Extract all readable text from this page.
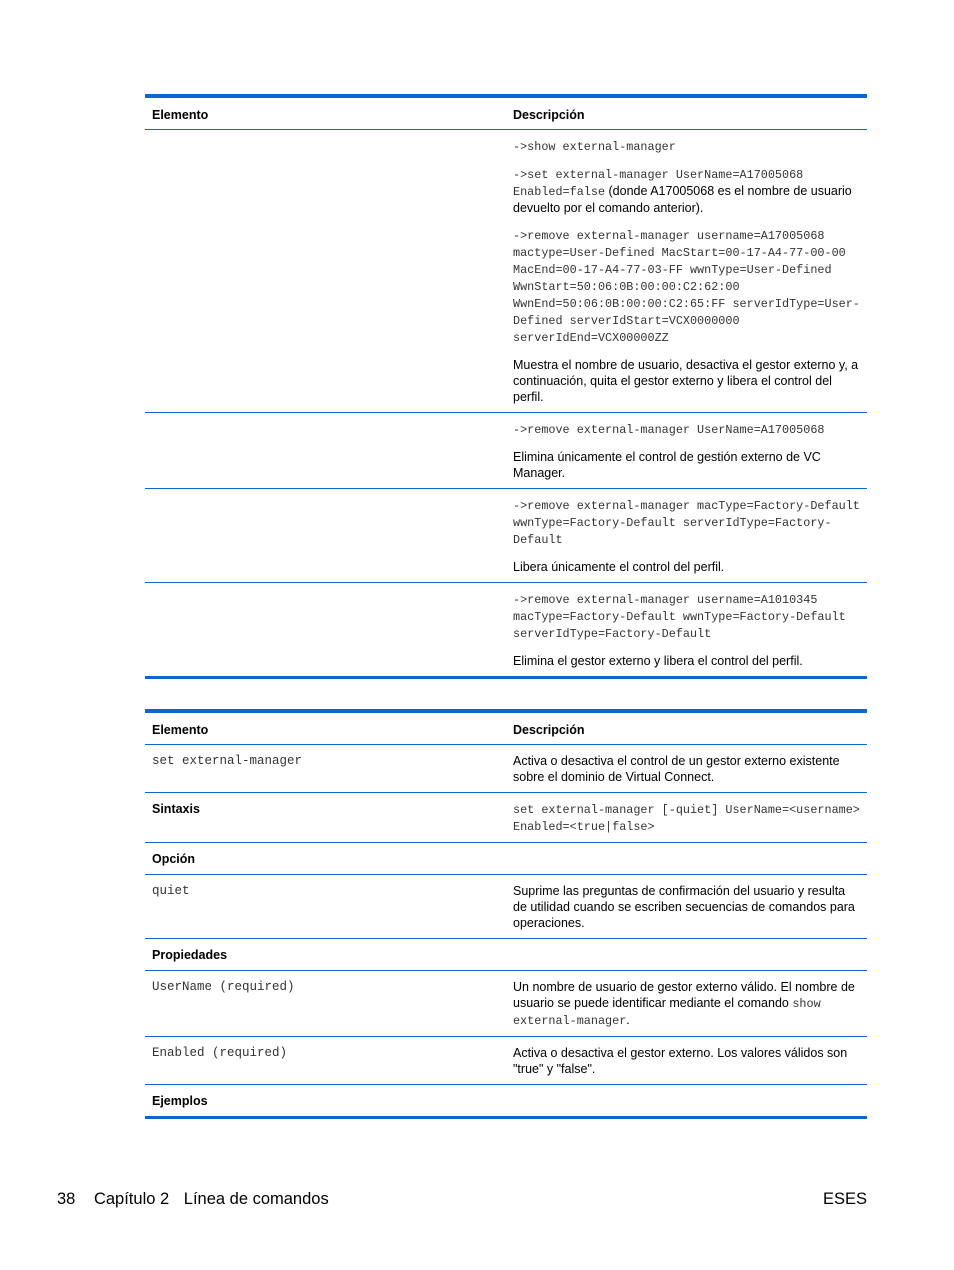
Elemento	Descripción

	->show external-manager
->set external-manager UserName=A17005068 Enabled=false (donde A17005068 es el nombre de usuario devuelto por el comando anterior).
->remove external-manager username=A17005068 mactype=User-Defined MacStart=00-17-A4-77-00-00 MacEnd=00-17-A4-77-03-FF wwnType=User-Defined WwnStart=50:06:0B:00:00:C2:62:00 WwnEnd=50:06:0B:00:00:C2:65:FF serverIdType=User-Defined serverIdStart=VCX0000000 serverIdEnd=VCX00000ZZ
Muestra el nombre de usuario, desactiva el gestor externo y, a continuación, quita el gestor externo y libera el control del perfil.

	->remove external-manager UserName=A17005068
Elimina únicamente el control de gestión externo de VC Manager.

	->remove external-manager macType=Factory-Default wwnType=Factory-Default serverIdType=Factory-Default
Libera únicamente el control del perfil.

	->remove external-manager username=A1010345 macType=Factory-Default wwnType=Factory-Default serverIdType=Factory-Default
Elimina el gestor externo y libera el control del perfil.
Elemento	Descripción
set external-manager	Activa o desactiva el control de un gestor externo existente sobre el dominio de Virtual Connect.

Sintaxis	set external-manager [-quiet] UserName=<username> Enabled=<true|false>

Opción	
quiet	Suprime las preguntas de confirmación del usuario y resulta de utilidad cuando se escriben secuencias de comandos para operaciones.

Propiedades	
UserName (required)	Un nombre de usuario de gestor externo válido. El nombre de usuario se puede identificar mediante el comando show external-manager.

Enabled (required)	Activa o desactiva el gestor externo. Los valores válidos son "true" y "false".

Ejemplos	
38 Capítulo 2 Línea de comandos	ESES
